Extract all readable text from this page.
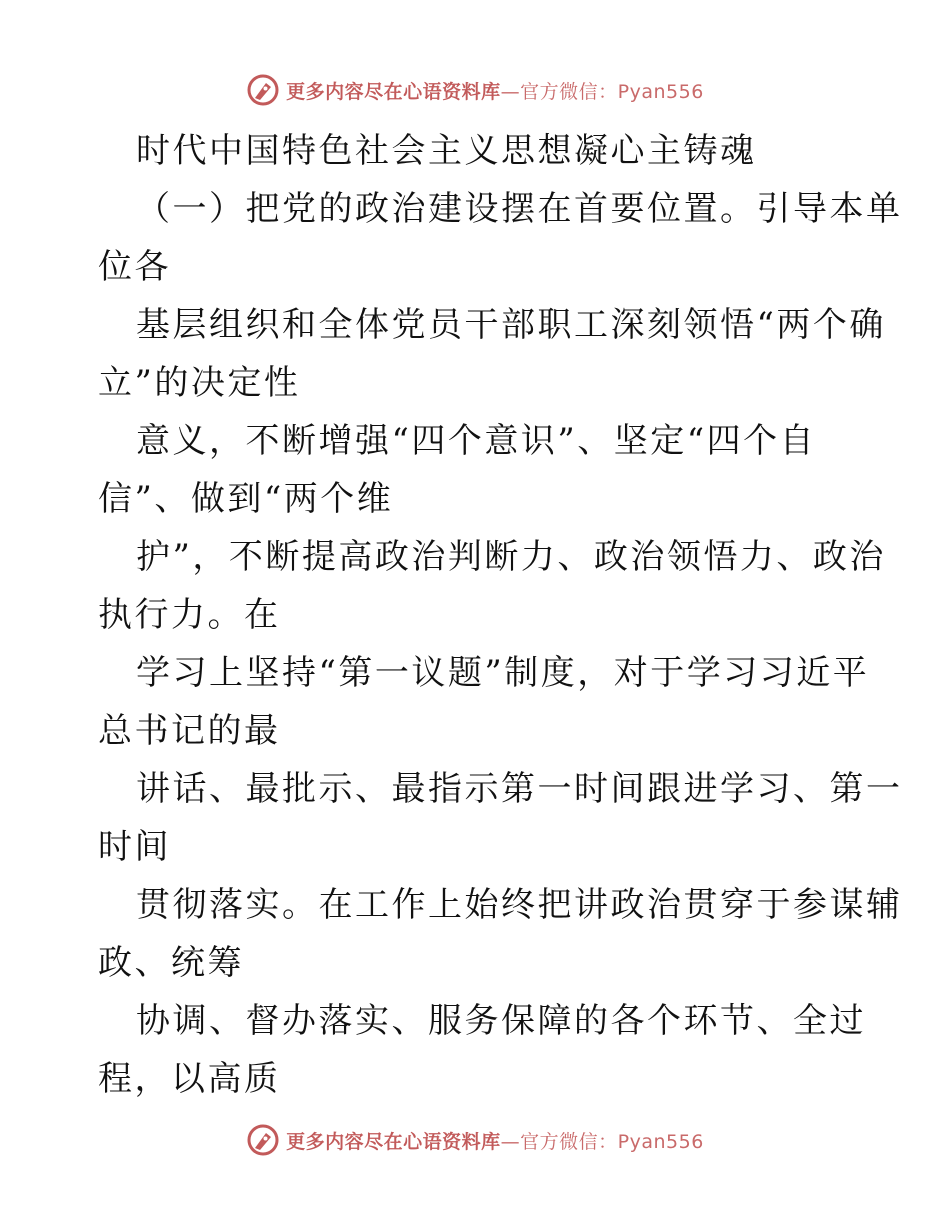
更多内容尽在心语资料库—官方微信：Pyan556
时代中国特色社会主义思想凝心主铸魂
（一）把党的政治建设摆在首要位置。引导本单
位各
基层组织和全体党员干部职工深刻领悟“两个确
立”的决定性
意义，不断增强“四个意识”、坚定“四个自
信”、做到“两个维
护”，不断提高政治判断力、政治领悟力、政治
执行力。在
学习上坚持“第一议题”制度，对于学习习近平
总书记的最
讲话、最批示、最指示第一时间跟进学习、第一
时间
贯彻落实。在工作上始终把讲政治贯穿于参谋辅
政、统筹
协调、督办落实、服务保障的各个环节、全过
程，以高质
更多内容尽在心语资料库—官方微信：Pyan556
